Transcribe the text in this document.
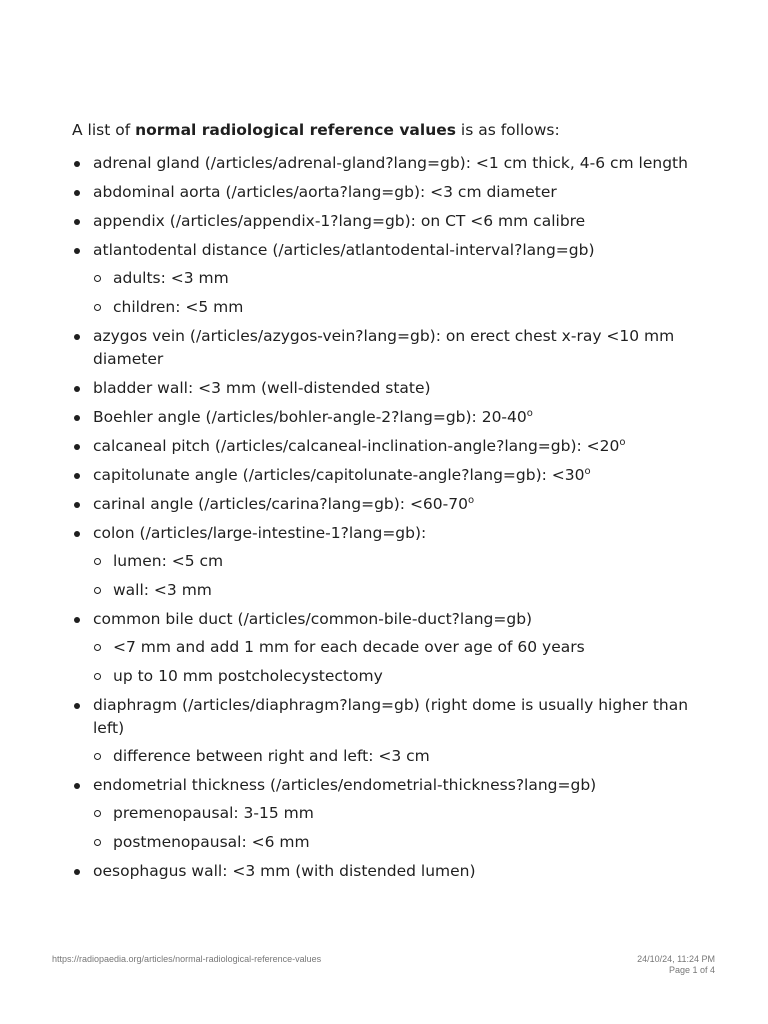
A list of normal radiological reference values is as follows:

adrenal gland (/articles/adrenal-gland?lang=gb): <1 cm thick, 4-6 cm length
abdominal aorta (/articles/aorta?lang=gb): <3 cm diameter
appendix (/articles/appendix-1?lang=gb): on CT <6 mm calibre
atlantodental distance (/articles/atlantodental-interval?lang=gb)
adults: <3 mm
children: <5 mm
azygos vein (/articles/azygos-vein?lang=gb): on erect chest x-ray <10 mm diameter
bladder wall: <3 mm (well-distended state)
Boehler angle (/articles/bohler-angle-2?lang=gb): 20-40$^o$
calcaneal pitch (/articles/calcaneal-inclination-angle?lang=gb): $<20^o$
capitolunate angle (/articles/capitolunate-angle?lang=gb): $<30^o$
carinal angle (/articles/carina?lang=gb): $<60-70^o$
colon (/articles/large-intestine-1?lang=gb):
lumen: <5 cm
wall: <3 mm
common bile duct (/articles/common-bile-duct?lang=gb)
<7 mm and add 1 mm for each decade over age of 60 years
up to 10 mm postcholecystectomy
diaphragm (/articles/diaphragm?lang=gb) (right dome is usually higher than left)
difference between right and left: <3 cm
endometrial thickness (/articles/endometrial-thickness?lang=gb)
premenopausal: 3-15 mm
postmenopausal: <6 mm
oesophagus wall: <3 mm (with distended lumen)
https://radiopaedia.org/articles/normal-radiological-reference-values	24/10/24, 11:24 PM
Page 1 of 4
